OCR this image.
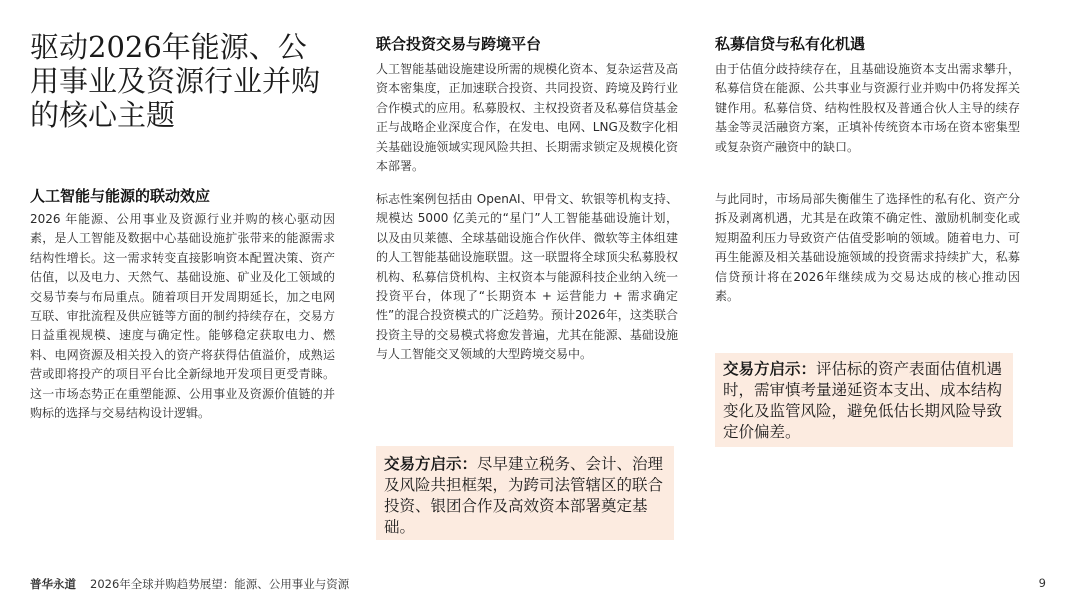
驱动2026年能源、公用事业及资源行业并购的核心主题
人工智能与能源的联动效应

2026 年能源、公用事业及资源行业并购的核心驱动因素，是人工智能及数据中心基础设施扩张带来的能源需求结构性增长。这一需求转变直接影响资本配置决策、资产估值，以及电力、天然气、基础设施、矿业及化工领域的交易节奏与布局重点。随着项目开发周期延长，加之电网互联、审批流程及供应链等方面的制约持续存在，交易方日益重视规模、速度与确定性。能够稳定获取电力、燃料、电网资源及相关投入的资产将获得估值溢价，成熟运营或即将投产的项目平台比全新绿地开发项目更受青睐。这一市场态势正在重塑能源、公用事业及资源价值链的并购标的选择与交易结构设计逻辑。

联合投资交易与跨境平台

人工智能基础设施建设所需的规模化资本、复杂运营及高资本密集度，正加速联合投资、共同投资、跨境及跨行业合作模式的应用。私募股权、主权投资者及私募信贷基金正与战略企业深度合作，在发电、电网、LNG及数字化相关基础设施领域实现风险共担、长期需求锁定及规模化资本部署。

标志性案例包括由 OpenAI、甲骨文、软银等机构支持、规模达 5000 亿美元的“星门”人工智能基础设施计划，以及由贝莱德、全球基础设施合作伙伴、微软等主体组建的人工智能基础设施联盟。这一联盟将全球顶尖私募股权机构、私募信贷机构、主权资本与能源科技企业纳入统一投资平台，体现了“长期资本 + 运营能力 + 需求确定性”的混合投资模式的广泛趋势。预计2026年，这类联合投资主导的交易模式将愈发普遍，尤其在能源、基础设施与人工智能交叉领域的大型跨境交易中。

交易方启示：尽早建立税务、会计、治理及风险共担框架，为跨司法管辖区的联合投资、银团合作及高效资本部署奠定基础。
私募信贷与私有化机遇

由于估值分歧持续存在，且基础设施资本支出需求攀升，私募信贷在能源、公共事业与资源行业并购中仍将发挥关键作用。私募信贷、结构性股权及普通合伙人主导的续存基金等灵活融资方案，正填补传统资本市场在资本密集型或复杂资产融资中的缺口。

与此同时，市场局部失衡催生了选择性的私有化、资产分拆及剥离机遇，尤其是在政策不确定性、激励机制变化或短期盈利压力导致资产估值受影响的领域。随着电力、可再生能源及相关基础设施领域的投资需求持续扩大，私募信贷预计将在2026年继续成为交易达成的核心推动因素。

交易方启示：评估标的资产表面估值机遇时，需审慎考量递延资本支出、成本结构变化及监管风险，避免低估长期风险导致定价偏差。
普华永道 2026年全球并购趋势展望：能源、公用事业与资源	9
